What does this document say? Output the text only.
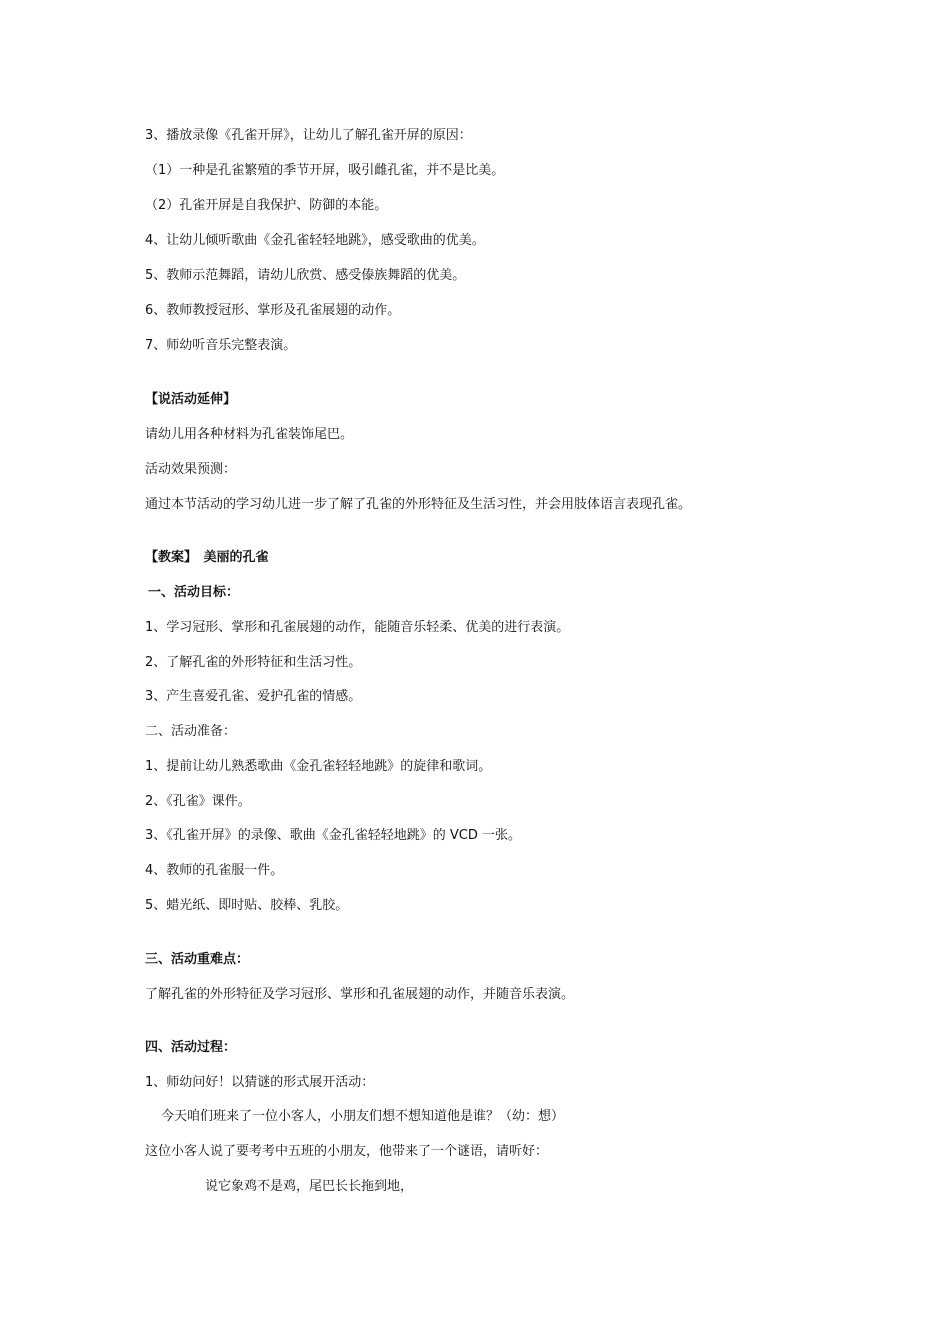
3、播放录像《孔雀开屏》，让幼儿了解孔雀开屏的原因：
（1）一种是孔雀繁殖的季节开屏，吸引雌孔雀，并不是比美。
（2）孔雀开屏是自我保护、防御的本能。
4、让幼儿倾听歌曲《金孔雀轻轻地跳》，感受歌曲的优美。
5、教师示范舞蹈，请幼儿欣赏、感受傣族舞蹈的优美。
6、教师教授冠形、掌形及孔雀展翅的动作。
7、师幼听音乐完整表演。
【说活动延伸】
请幼儿用各种材料为孔雀装饰尾巴。
活动效果预测：
通过本节活动的学习幼儿进一步了解了孔雀的外形特征及生活习性，并会用肢体语言表现孔雀。
【教案】　美丽的孔雀
一、活动目标：
1、学习冠形、掌形和孔雀展翅的动作，能随音乐轻柔、优美的进行表演。
2、了解孔雀的外形特征和生活习性。
3、产生喜爱孔雀、爱护孔雀的情感。
二、活动准备：
1、提前让幼儿熟悉歌曲《金孔雀轻轻地跳》的旋律和歌词。
2、《孔雀》课件。
3、《孔雀开屏》的录像、歌曲《金孔雀轻轻地跳》的 VCD 一张。
4、教师的孔雀服一件。
5、蜡光纸、即时贴、胶棒、乳胶。
三、活动重难点：
了解孔雀的外形特征及学习冠形、掌形和孔雀展翅的动作，并随音乐表演。
四、活动过程：
1、师幼问好！以猜谜的形式展开活动：
今天咱们班来了一位小客人，小朋友们想不想知道他是谁？（幼：想）
这位小客人说了要考考中五班的小朋友，他带来了一个谜语，请听好：
说它象鸡不是鸡，尾巴长长拖到地，
